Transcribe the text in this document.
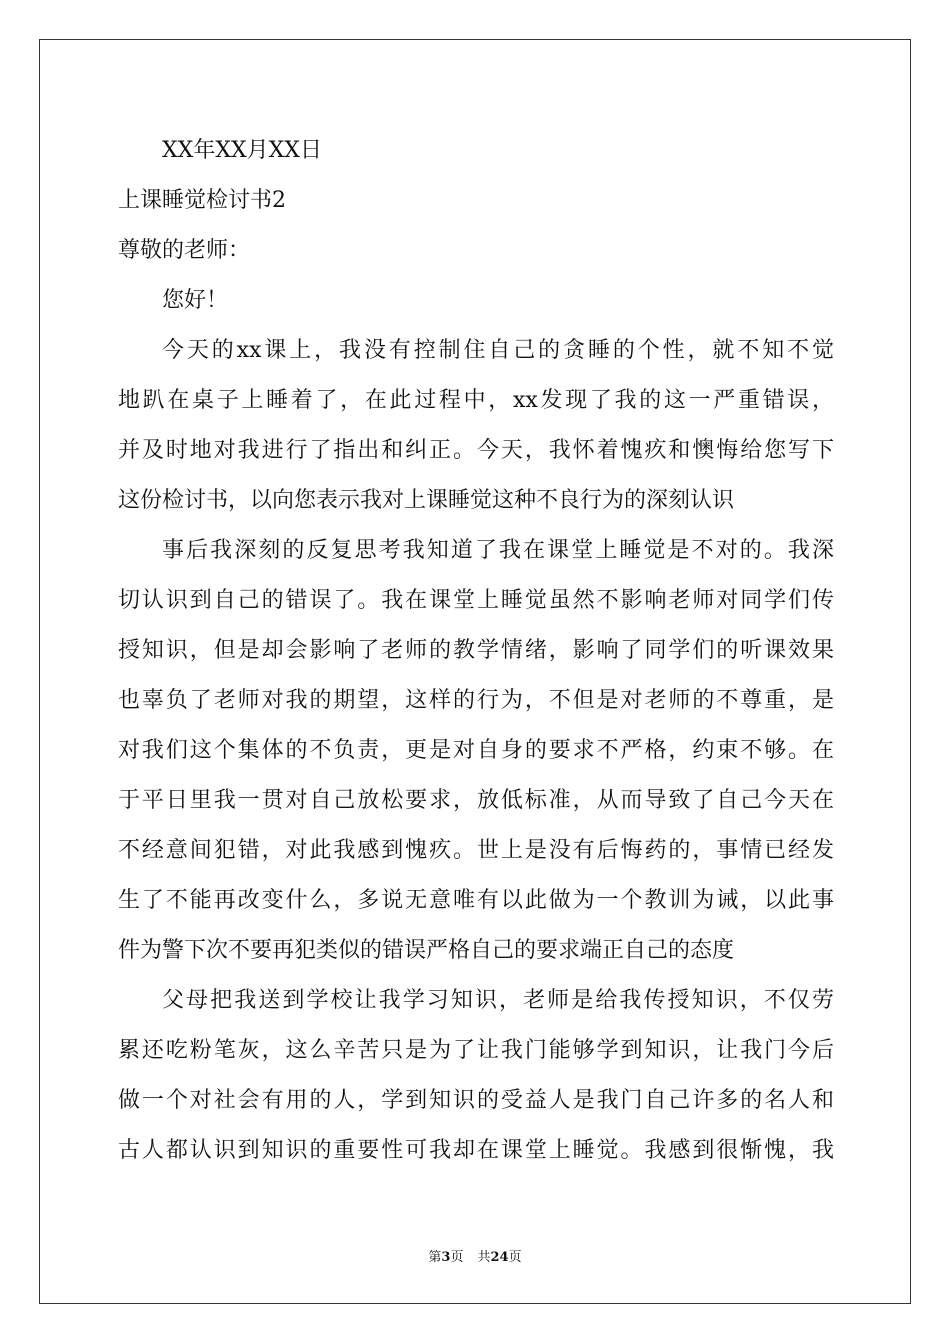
XX年XX月XX日
上课睡觉检讨书2
尊敬的老师：
您好！
今天的xx课上，我没有控制住自己的贪睡的个性，就不知不觉
地趴在桌子上睡着了，在此过程中，xx发现了我的这一严重错误，
并及时地对我进行了指出和纠正。今天，我怀着愧疚和懊悔给您写下
这份检讨书，以向您表示我对上课睡觉这种不良行为的深刻认识
事后我深刻的反复思考我知道了我在课堂上睡觉是不对的。我深
切认识到自己的错误了。我在课堂上睡觉虽然不影响老师对同学们传
授知识，但是却会影响了老师的教学情绪，影响了同学们的听课效果
也辜负了老师对我的期望，这样的行为，不但是对老师的不尊重，是
对我们这个集体的不负责，更是对自身的要求不严格，约束不够。在
于平日里我一贯对自己放松要求，放低标准，从而导致了自己今天在
不经意间犯错，对此我感到愧疚。世上是没有后悔药的，事情已经发
生了不能再改变什么，多说无意唯有以此做为一个教训为诫，以此事
件为警下次不要再犯类似的错误严格自己的要求端正自己的态度
父母把我送到学校让我学习知识，老师是给我传授知识，不仅劳
累还吃粉笔灰，这么辛苦只是为了让我门能够学到知识，让我门今后
做一个对社会有用的人，学到知识的受益人是我门自己许多的名人和
古人都认识到知识的重要性可我却在课堂上睡觉。我感到很惭愧，我
第3页 共24页
